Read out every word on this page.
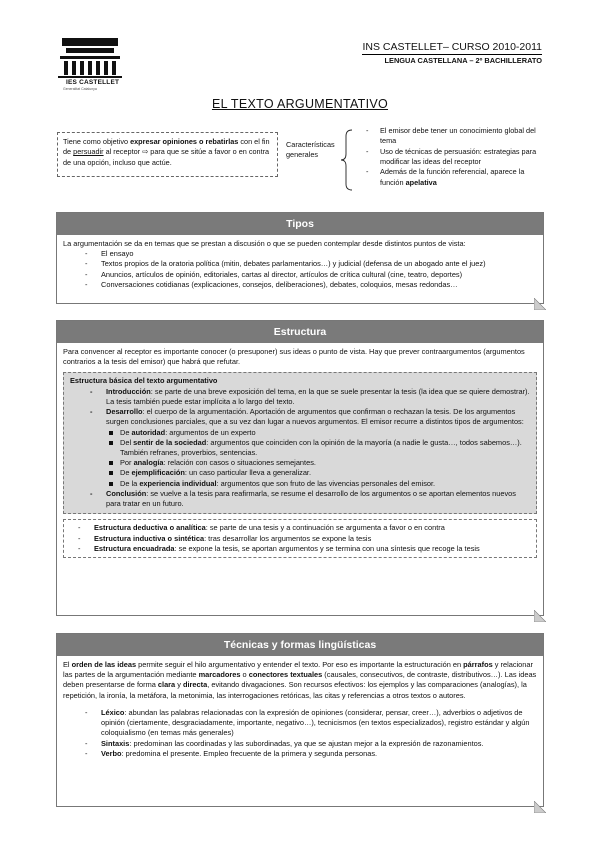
IES CASTELLET
Generalitat Catalunya
INS CASTELLET– CURSO 2010-2011
LENGUA CASTELLANA – 2º BACHILLERATO
EL TEXTO ARGUMENTATIVO
Tiene como objetivo expresar opiniones o rebatirlas con el fin de persuadir al receptor ⇨ para que se sitúe a favor o en contra de una opción, incluso que actúe.
Características
generales
- El emisor debe tener un conocimiento global del tema
- Uso de técnicas de persuasión: estrategias para modificar las ideas del receptor
- Además de la función referencial, aparece la función apelativa
Tipos
La argumentación se da en temas que se prestan a discusión o que se pueden contemplar desde distintos puntos de vista:
- El ensayo
- Textos propios de la oratoria política (mitin, debates parlamentarios…) y judicial (defensa de un abogado ante el juez)
- Anuncios, artículos de opinión, editoriales, cartas al director, artículos de crítica cultural (cine, teatro, deportes)
- Conversaciones cotidianas (explicaciones, consejos, deliberaciones), debates, coloquios, mesas redondas…
Estructura
Para convencer al receptor es importante conocer (o presuponer) sus ideas o punto de vista. Hay que prever contraargumentos (argumentos contrarios a la tesis del emisor) que habrá que refutar.
Estructura básica del texto argumentativo
- Introducción: se parte de una breve exposición del tema, en la que se suele presentar la tesis (la idea que se quiere demostrar). La tesis también puede estar implícita a lo largo del texto.
- Desarrollo: el cuerpo de la argumentación. Aportación de argumentos que confirman o rechazan la tesis. De los argumentos surgen conclusiones parciales, que a su vez dan lugar a nuevos argumentos. El emisor recurre a distintos tipos de argumentos:
De autoridad: argumentos de un experto
Del sentir de la sociedad: argumentos que coinciden con la opinión de la mayoría (a nadie le gusta…, todos sabemos…). También refranes, proverbios, sentencias.
Por analogía: relación con casos o situaciones semejantes.
De ejemplificación: un caso particular lleva a generalizar.
De la experiencia individual: argumentos que son fruto de las vivencias personales del emisor.
- Conclusión: se vuelve a la tesis para reafirmarla, se resume el desarrollo de los argumentos o se aportan elementos nuevos para tratar en un futuro.
- Estructura deductiva o analítica: se parte de una tesis y a continuación se argumenta a favor o en contra
- Estructura inductiva o sintética: tras desarrollar los argumentos se expone la tesis
- Estructura encuadrada: se expone la tesis, se aportan argumentos y se termina con una síntesis que recoge la tesis
Técnicas y formas lingüísticas
El orden de las ideas permite seguir el hilo argumentativo y entender el texto. Por eso es importante la estructuración en párrafos y relacionar las partes de la argumentación mediante marcadores o conectores textuales (causales, consecutivos, de contraste, distributivos…). Las ideas deben presentarse de forma clara y directa, evitando divagaciones. Son recursos efectivos: los ejemplos y las comparaciones (analogías), la repetición, la ironía, la metáfora, la metonimia, las interrogaciones retóricas, las citas y referencias a otros textos o autores.
- Léxico: abundan las palabras relacionadas con la expresión de opiniones (considerar, pensar, creer…), adverbios o adjetivos de opinión (ciertamente, desgraciadamente, importante, negativo…), tecnicismos (en textos especializados), registro estándar y algún coloquialismo (en temas más generales)
- Sintaxis: predominan las coordinadas y las subordinadas, ya que se ajustan mejor a la expresión de razonamientos.
- Verbo: predomina el presente. Empleo frecuente de la primera y segunda personas.
